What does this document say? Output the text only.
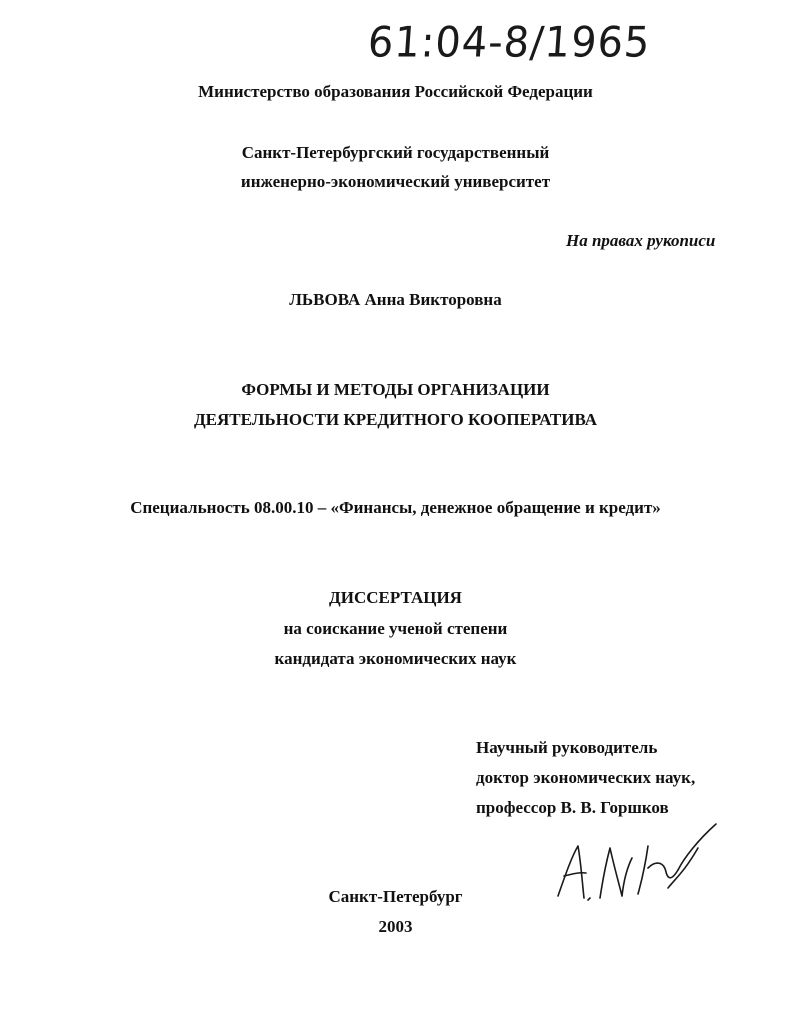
61:04-8/1965
Министерство образования Российской Федерации
Санкт-Петербургский государственный
инженерно-экономический университет
На правах рукописи
ЛЬВОВА Анна Викторовна
ФОРМЫ И МЕТОДЫ ОРГАНИЗАЦИИ
ДЕЯТЕЛЬНОСТИ КРЕДИТНОГО КООПЕРАТИВА
Специальность 08.00.10 – «Финансы, денежное обращение и кредит»
ДИССЕРТАЦИЯ
на соискание ученой степени
кандидата экономических наук
Научный руководитель
доктор экономических наук,
профессор В. В. Горшков
Санкт-Петербург
2003
